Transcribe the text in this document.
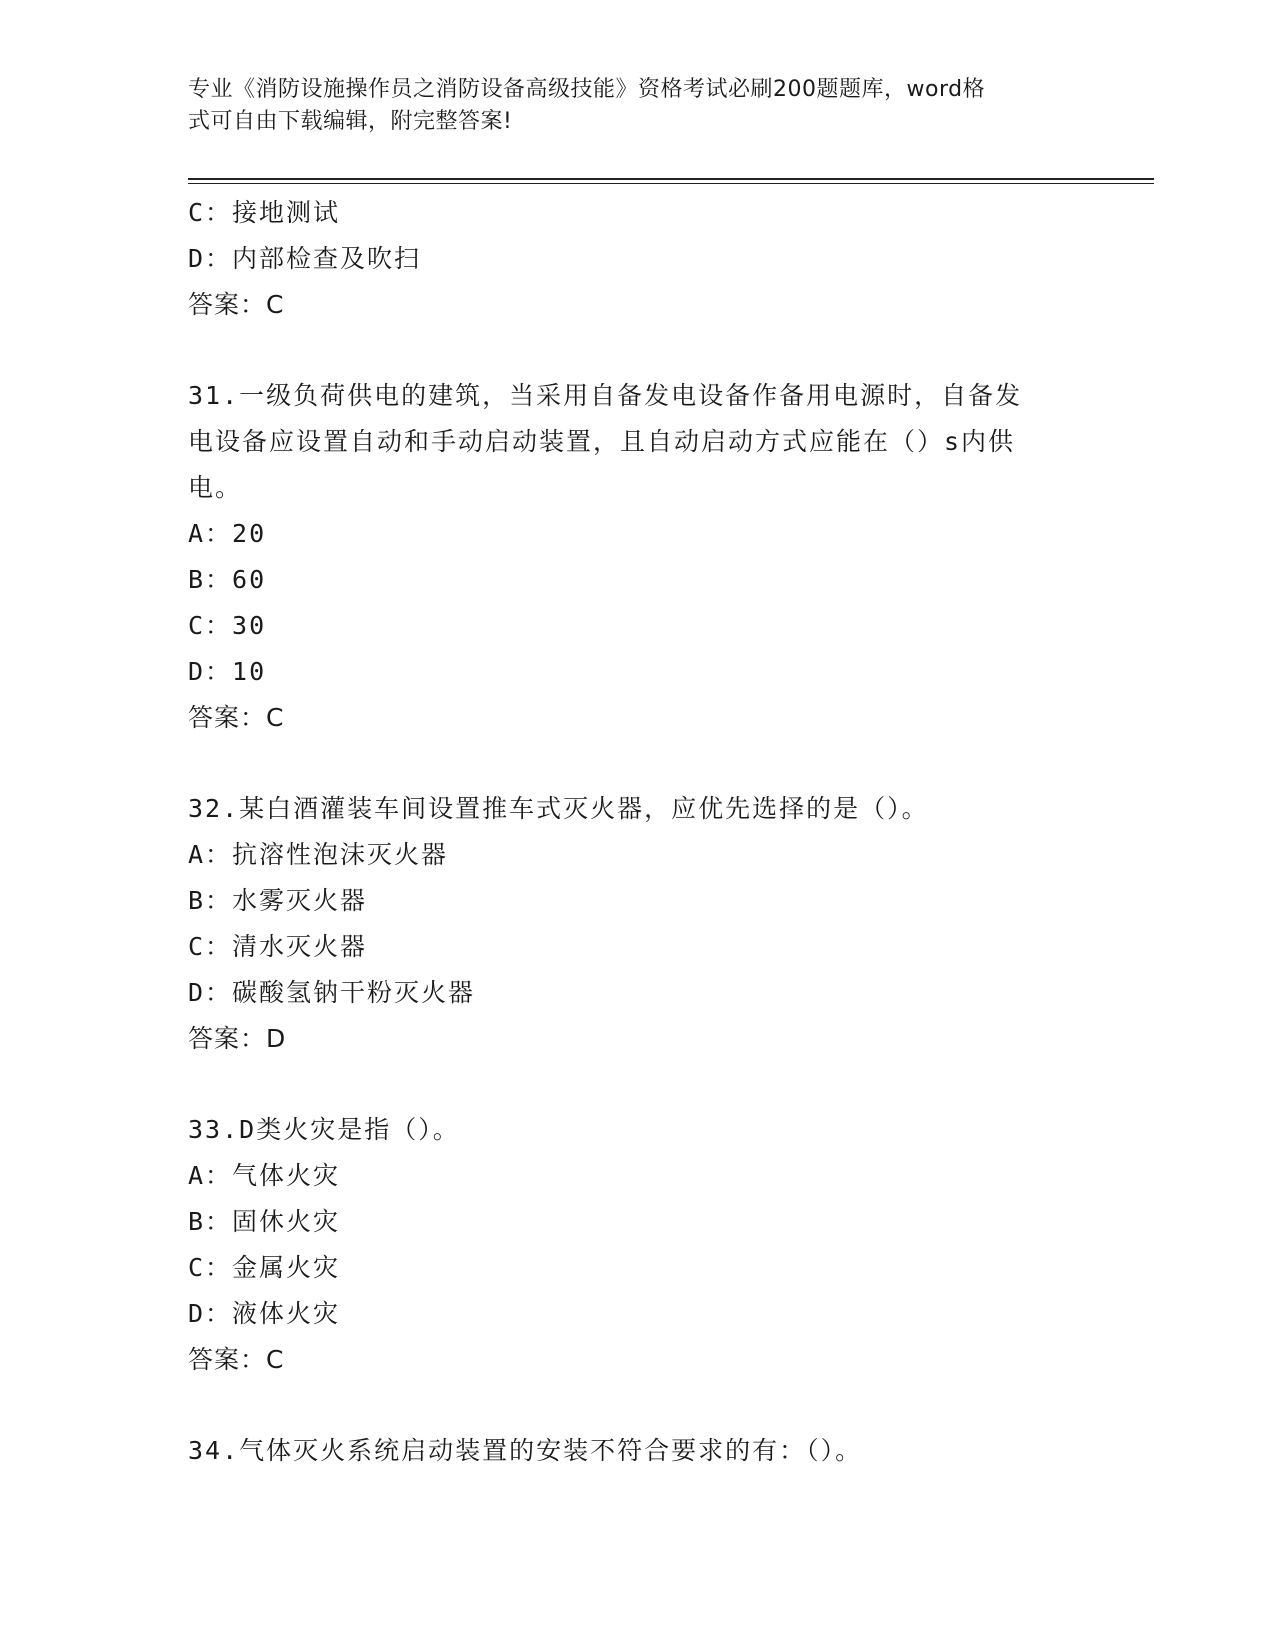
专业《消防设施操作员之消防设备高级技能》资格考试必刷200题题库，word格
式可自由下载编辑，附完整答案!
C：接地测试
D：内部检查及吹扫
答案：C
31.一级负荷供电的建筑，当采用自备发电设备作备用电源时，自备发
电设备应设置自动和手动启动装置，且自动启动方式应能在（）s内供
电。
A：20
B：60
C：30
D：10
答案：C
32.某白酒灌装车间设置推车式灭火器，应优先选择的是（）。
A：抗溶性泡沫灭火器
B：水雾灭火器
C：清水灭火器
D：碳酸氢钠干粉灭火器
答案：D
33.D类火灾是指（）。
A：气体火灾
B：固休火灾
C：金属火灾
D：液体火灾
答案：C
34.气体灭火系统启动装置的安装不符合要求的有：（）。
